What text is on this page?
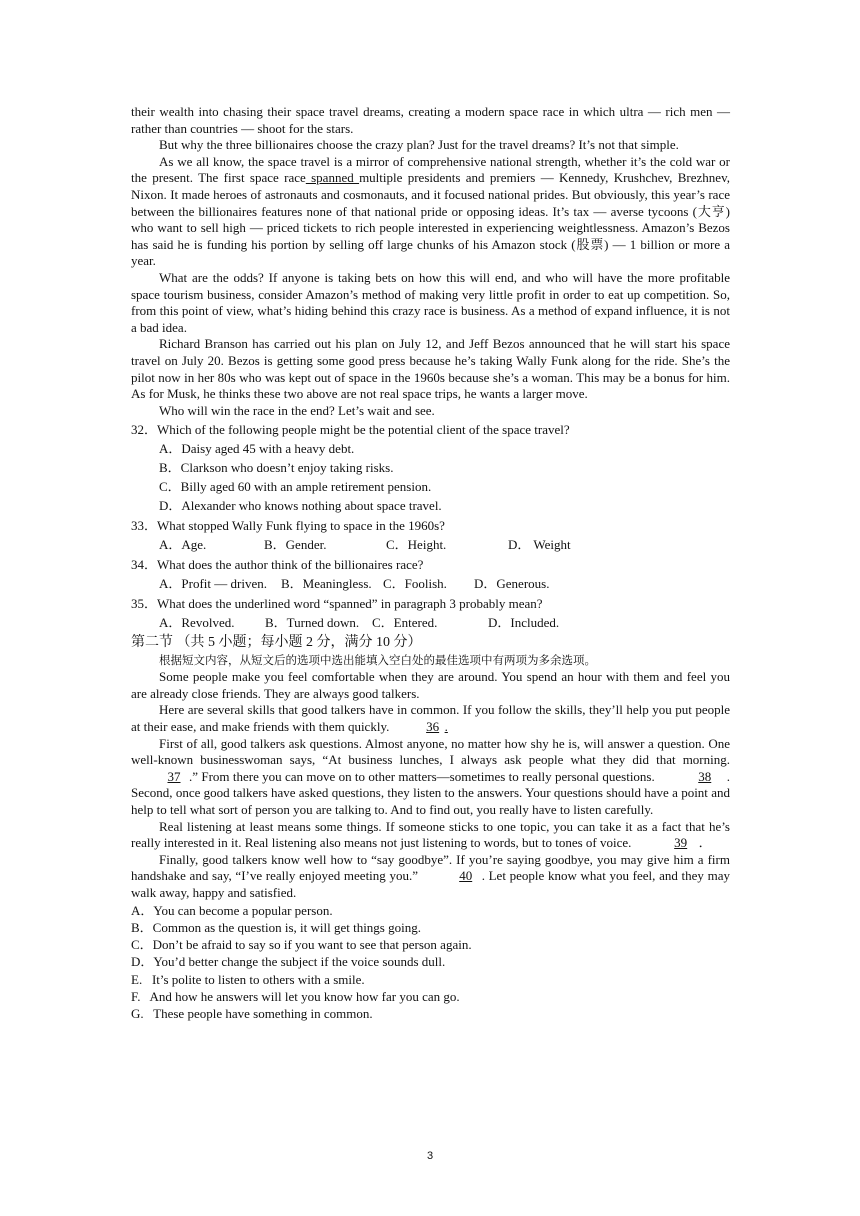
their wealth into chasing their space travel dreams, creating a modern space race in which ultra — rich men — rather than countries — shoot for the stars.

But why the three billionaires choose the crazy plan? Just for the travel dreams? It’s not that simple.

As we all know, the space travel is a mirror of comprehensive national strength, whether it’s the cold war or the present. The first space race spanned multiple presidents and premiers — Kennedy, Krushchev, Brezhnev, Nixon. It made heroes of astronauts and cosmonauts, and it focused national prides. But obviously, this year’s race between the billionaires features none of that national pride or opposing ideas. It’s tax — averse tycoons (大亨) who want to sell high — priced tickets to rich people interested in experiencing weightlessness. Amazon’s Bezos has said he is funding his portion by selling off large chunks of his Amazon stock (股票) — 1 billion or more a year.

What are the odds? If anyone is taking bets on how this will end, and who will have the more profitable space tourism business, consider Amazon’s method of making very little profit in order to eat up competition. So, from this point of view, what’s hiding behind this crazy race is business. As a method of expand influence, it is not a bad idea.

Richard Branson has carried out his plan on July 12, and Jeff Bezos announced that he will start his space travel on July 20. Bezos is getting some good press because he’s taking Wally Funk along for the ride. She’s the pilot now in her 80s who was kept out of space in the 1960s because she’s a woman. This may be a bonus for him. As for Musk, he thinks these two above are not real space trips, he wants a larger move.

Who will win the race in the end? Let’s wait and see.

32．Which of the following people might be the potential client of the space travel?

A．Daisy aged 45 with a heavy debt.
B．Clarkson who doesn’t enjoy taking risks.
C．Billy aged 60 with an ample retirement pension.
D．Alexander who knows nothing about space travel.

33．What stopped Wally Funk flying to space in the 1960s?

A．Age.	B．Gender.	C．Height.	D． Weight

34．What does the author think of the billionaires race?

A．Profit — driven.	B．Meaningless. C．Foolish.	D．Generous.

35．What does the underlined word “spanned” in paragraph 3 probably mean?

A．Revolved.	B．Turned down. C．Entered.	D．Included.

第二节 （共 5 小题；每小题 2 分，满分 10 分）

根据短文内容，从短文后的选项中选出能填入空白处的最佳选项中有两项为多余选项。

Some people make you feel comfortable when they are around. You spend an hour with them and feel you are already close friends. They are always good talkers.

Here are several skills that good talkers have in common. If you follow the skills, they’ll help you put people at their ease, and make friends with them quickly.	36 .

First of all, good talkers ask questions. Almost anyone, no matter how shy he is, will answer a question. One well-known businesswoman says, “At business lunches, I always ask people what they did that morning.37 .” From there you can move on to other matters—sometimes to really personal questions.	38 . Second, once good talkers have asked questions, they listen to the answers. Your questions should have a point and help to tell what sort of person you are talking to. And to find out, you really have to listen carefully.

Real listening at least means some things. If someone sticks to one topic, you can take it as a fact that he’s really interested in it. Real listening also means not just listening to words, but to tones of voice.	39 ．

Finally, good talkers know well how to “say goodbye”. If you’re saying goodbye, you may give him a firm handshake and say, “I’ve really enjoyed meeting you.”	40 . Let people know what you feel, and they may walk away, happy and satisfied.

A．You can become a popular person.
B．Common as the question is, it will get things going.
C．Don’t be afraid to say so if you want to see that person again.
D．You’d better change the subject if the voice sounds dull.
E.   It’s polite to listen to others with a smile.
F.   And how he answers will let you know how far you can go.
G.   These people have something in common.
3
